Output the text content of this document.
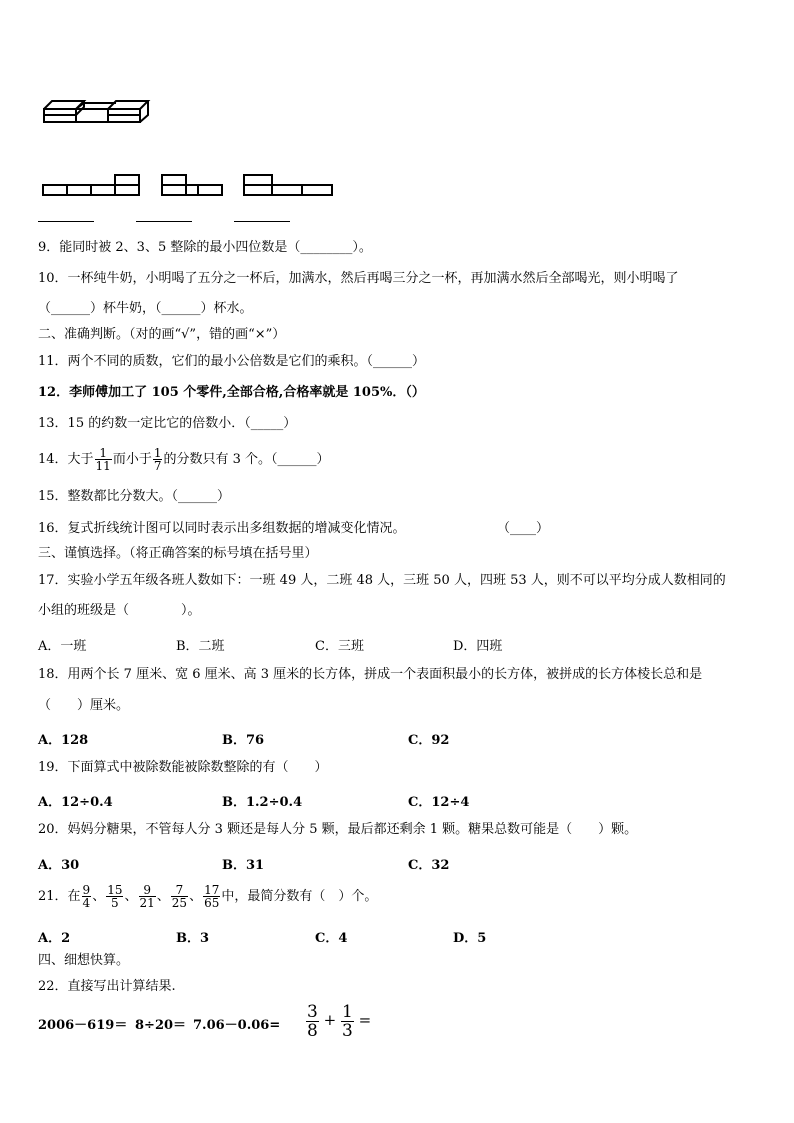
9．能同时被 2、3、5 整除的最小四位数是（________）。
10．一杯纯牛奶，小明喝了五分之一杯后，加满水，然后再喝三分之一杯，再加满水然后全部喝光，则小明喝了
（______）杯牛奶，（______）杯水。
二、准确判断。（对的画“√”，错的画“×”）
11．两个不同的质数，它们的最小公倍数是它们的乘积。（______）
12．李师傅加工了 105 个零件,全部合格,合格率就是 105%．（）
13．15 的约数一定比它的倍数小．（_____）
14．大于 $\frac{1}{11}$ 而小于 $\frac{1}{7}$ 的分数只有 3 个。（______）
15．整数都比分数大。（______）
16．复式折线统计图可以同时表示出多组数据的增减变化情况。	（____）
三、谨慎选择。（将正确答案的标号填在括号里）
17．实验小学五年级各班人数如下：一班 49 人，二班 48 人，三班 50 人，四班 53 人，则不可以平均分成人数相同的
小组的班级是（　　　　）。
A．一班	B．二班	C．三班	D．四班
18．用两个长 7 厘米、宽 6 厘米、高 3 厘米的长方体，拼成一个表面积最小的长方体，被拼成的长方体棱长总和是
（　　）厘米。
A．128	B．76	C．92
19．下面算式中被除数能被除数整除的有（　　）
A．12÷0.4	B．1.2÷0.4	C．12÷4
20．妈妈分糖果，不管每人分 3 颗还是每人分 5 颗，最后都还剩余 1 颗。糖果总数可能是（　　）颗。
A．30	B．31	C．32
21．在 $\frac{9}{4}$ 、 $\frac{15}{5}$ 、 $\frac{9}{21}$ 、 $\frac{7}{25}$ 、 $\frac{17}{65}$ 中，最简分数有（　）个。
A．2	B．3	C．4	D．5
四、细想快算。
22．直接写出计算结果.
$2006-619= 8\div 20= 7.06-0.06= \frac{3}{8} + \frac{1}{3}$ =
